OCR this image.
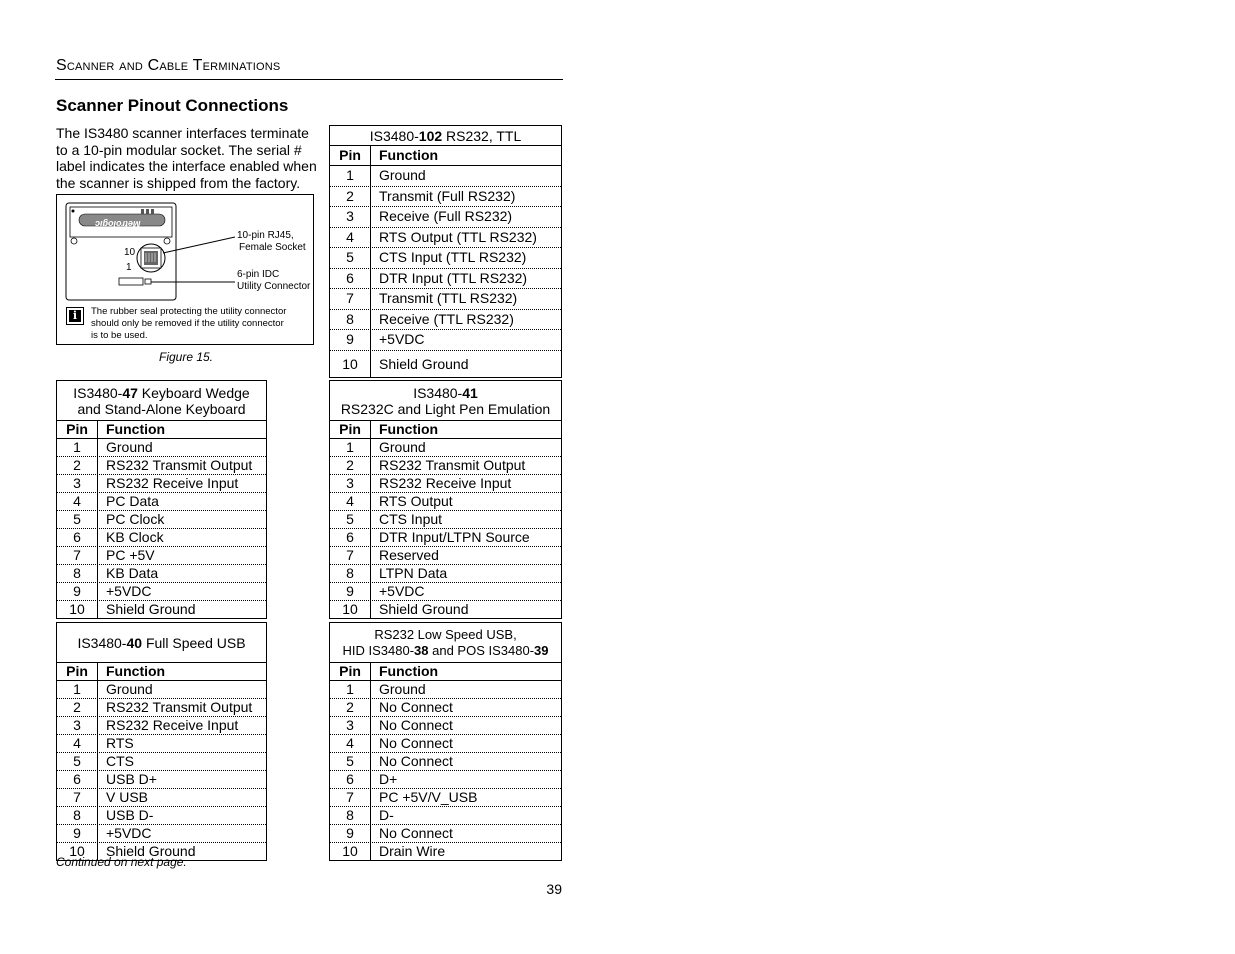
Scanner and Cable Terminations
Scanner Pinout Connections
The IS3480 scanner interfaces terminate to a 10-pin modular socket. The serial # label indicates the interface enabled when the scanner is shipped from the factory.
Metrologic
10
1
10-pin RJ45,
Female Socket
6-pin IDC
Utility Connector
i	The rubber seal protecting the utility connector
should only be removed if the utility connector
is to be used.
Figure 15.
IS3480-102 RS232, TTL
Pin	Function
1	Ground
2	Transmit (Full RS232)
3	Receive (Full RS232)
4	RTS Output (TTL RS232)
5	CTS Input (TTL RS232)
6	DTR Input (TTL RS232)
7	Transmit (TTL RS232)
8	Receive (TTL RS232)
9	+5VDC
10	Shield Ground
IS3480-47 Keyboard Wedge
and Stand-Alone Keyboard
Pin	Function
1	Ground
2	RS232 Transmit Output
3	RS232 Receive Input
4	PC Data
5	PC Clock
6	KB Clock
7	PC +5V
8	KB Data
9	+5VDC
10	Shield Ground
IS3480-41
RS232C and Light Pen Emulation
Pin	Function
1	Ground
2	RS232 Transmit Output
3	RS232 Receive Input
4	RTS Output
5	CTS Input
6	DTR Input/LTPN Source
7	Reserved
8	LTPN Data
9	+5VDC
10	Shield Ground
IS3480-40 Full Speed USB
Pin	Function
1	Ground
2	RS232 Transmit Output
3	RS232 Receive Input
4	RTS
5	CTS
6	USB D+
7	V USB
8	USB D-
9	+5VDC
10	Shield Ground
RS232 Low Speed USB,
HID IS3480-38 and POS IS3480-39
Pin	Function
1	Ground
2	No Connect
3	No Connect
4	No Connect
5	No Connect
6	D+
7	PC +5V/V_USB
8	D-
9	No Connect
10	Drain Wire
Continued on next page.
39
